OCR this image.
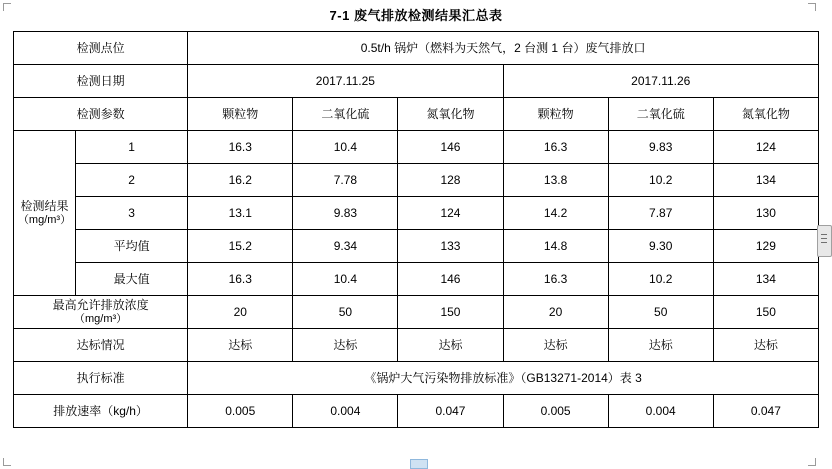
7-1 废气排放检测结果汇总表
检测点位		0.5t/h 锅炉（燃料为天然气，2 台测 1 台）废气排放口					
检测日期		2017.11.25			2017.11.26		
检测参数		颗粒物	二氧化硫	氮氧化物	颗粒物	二氧化硫	氮氧化物
检测结果
（mg/m³）	1	16.3	10.4	146	16.3	9.83	124
	2	16.2	7.78	128	13.8	10.2	134
	3	13.1	9.83	124	14.2	7.87	130
	平均值	15.2	9.34	133	14.8	9.30	129
	最大值	16.3	10.4	146	16.3	10.2	134
最高允许排放浓度
（mg/m³）		20	50	150	20	50	150
达标情况		达标	达标	达标	达标	达标	达标
执行标准		《锅炉大气污染物排放标准》（GB13271-2014）表 3					
排放速率（kg/h）		0.005	0.004	0.047	0.005	0.004	0.047
